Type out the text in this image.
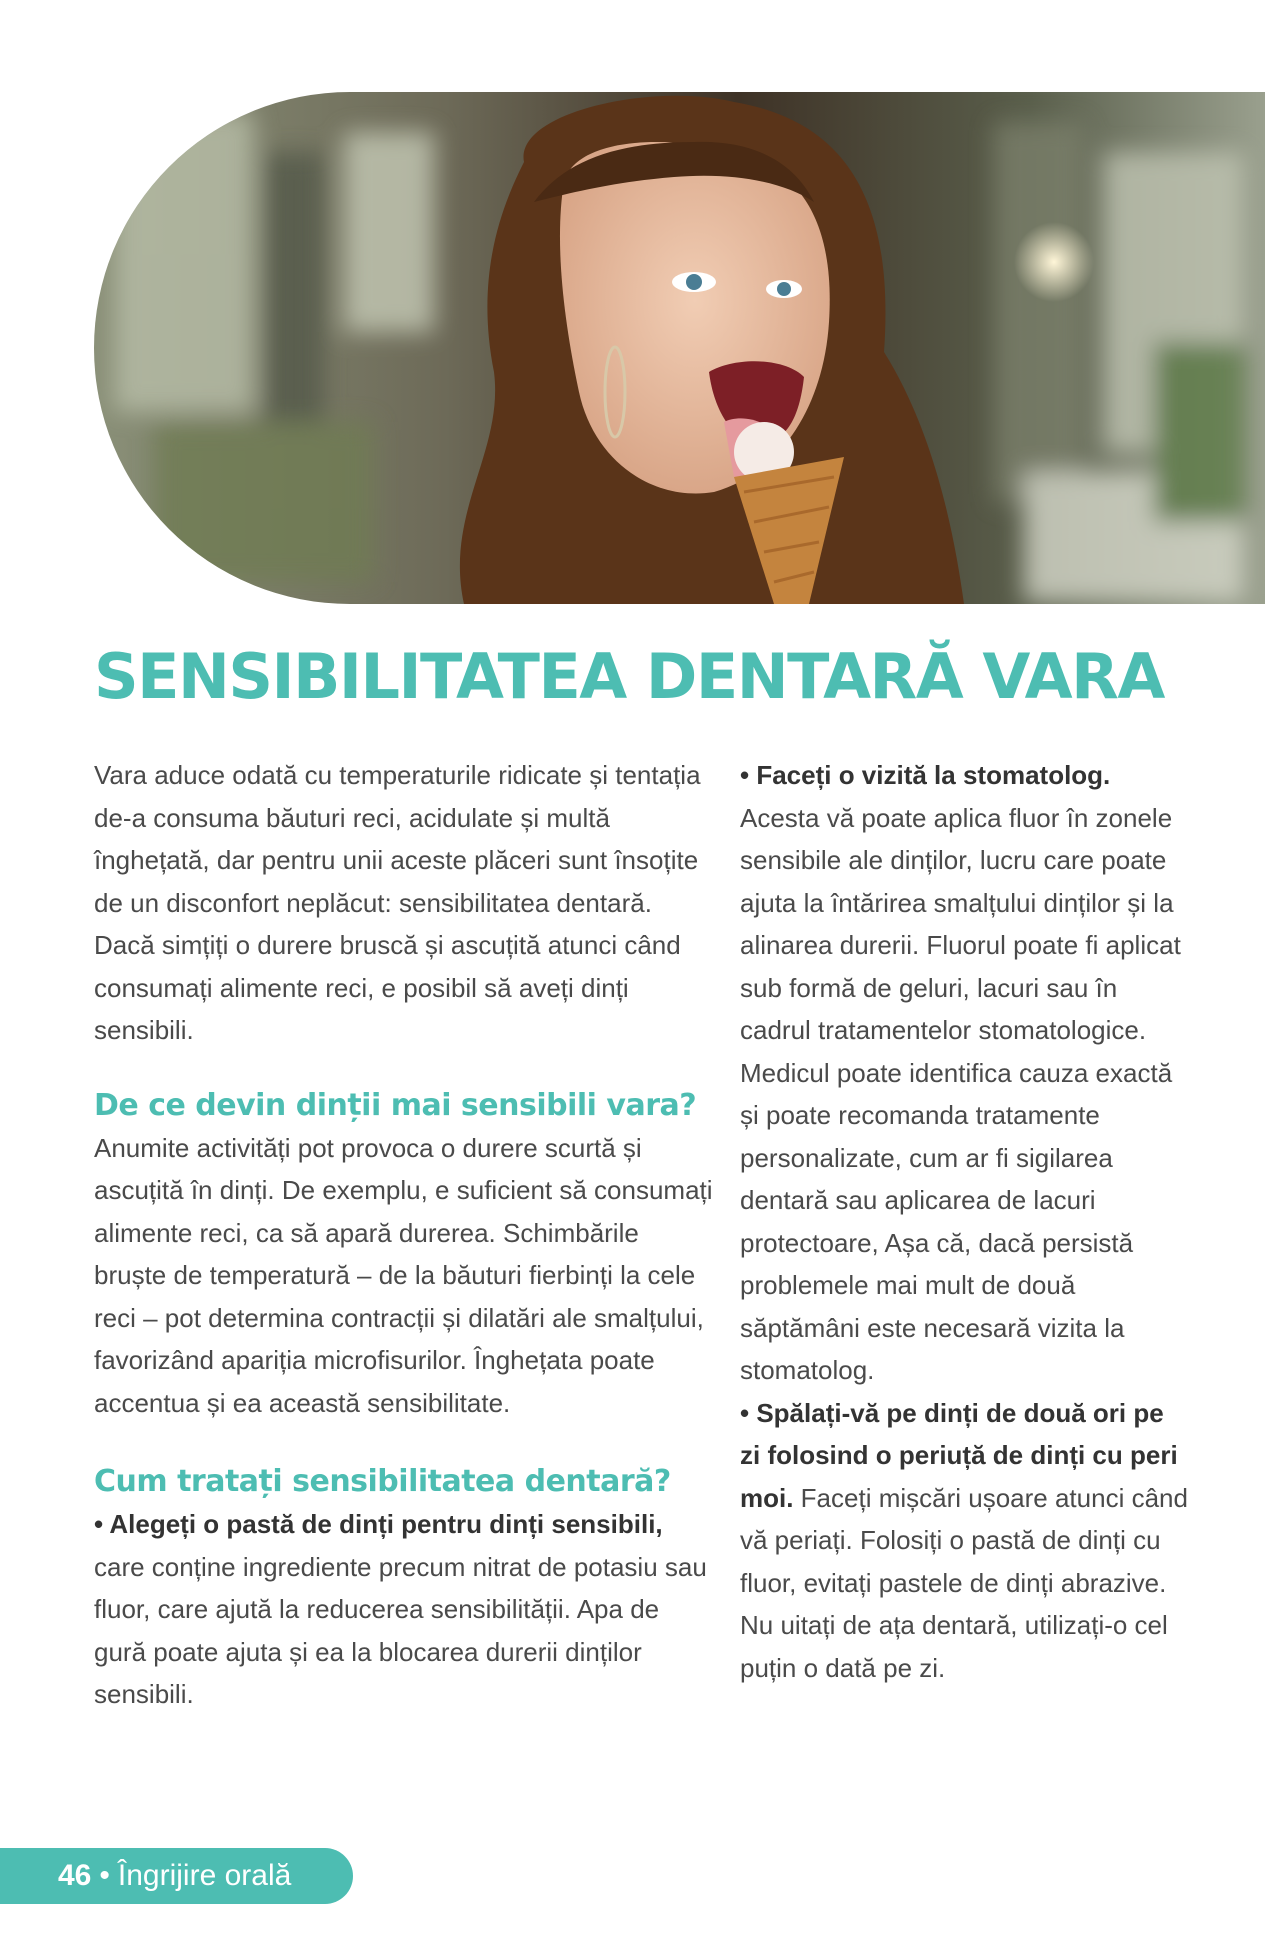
SENSIBILITATEA DENTARĂ VARA

Vara aduce odată cu temperaturile ridicate și tentația de-a consuma băuturi reci, acidulate și multă înghețată, dar pentru unii aceste plăceri sunt însoțite de un disconfort neplăcut: sensibilitatea dentară. Dacă simțiți o durere bruscă și ascuțită atunci când consumați alimente reci, e posibil să aveți dinți sensibili.

De ce devin dinții mai sensibili vara?

Anumite activități pot provoca o durere scurtă și ascuțită în dinți. De exemplu, e suficient să consumați alimente reci, ca să apară durerea. Schimbările bruște de temperatură – de la băuturi fierbinți la cele reci – pot determina contracții și dilatări ale smalțului, favorizând apariția microfisurilor. Înghețata poate accentua și ea această sensibilitate.

Cum tratați sensibilitatea dentară?

• Alegeți o pastă de dinți pentru dinți sensibili, care conține ingrediente precum nitrat de potasiu sau fluor, care ajută la reducerea sensibilității. Apa de gură poate ajuta și ea la blocarea durerii dinților sensibili.

• Faceți o vizită la stomatolog.
Acesta vă poate aplica fluor în zonele sensibile ale dinților, lucru care poate ajuta la întărirea smalțului dinților și la alinarea durerii. Fluorul poate fi aplicat sub formă de geluri, lacuri sau în cadrul tratamentelor stomatologice. Medicul poate identifica cauza exactă și poate recomanda tratamente personalizate, cum ar fi sigilarea dentară sau aplicarea de lacuri protectoare, Așa că, dacă persistă problemele mai mult de două săptămâni este necesară vizita la stomatolog.

• Spălați-vă pe dinți de două ori pe zi folosind o periuță de dinți cu peri moi. Faceți mișcări ușoare atunci când vă periați. Folosiți o pastă de dinți cu fluor, evitați pastele de dinți abrazive. Nu uitați de ața dentară, utilizați-o cel puțin o dată pe zi.

46 • Îngrijire orală
